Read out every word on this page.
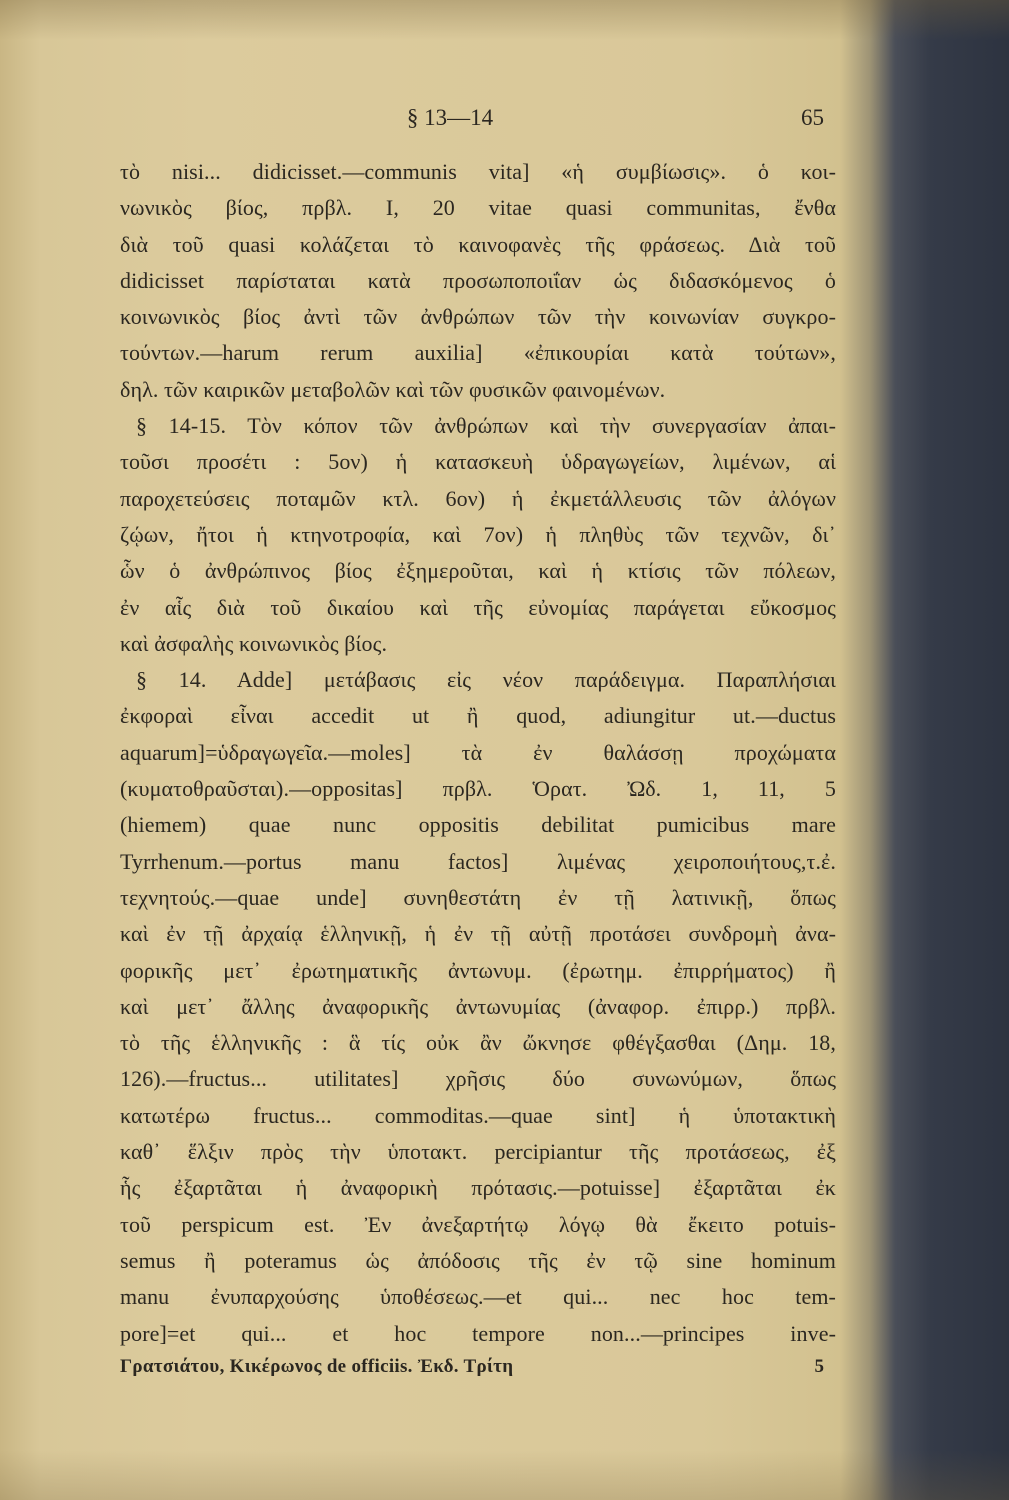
§ 13—14	65
τὸ nisi... didicisset.—communis vita] «ἡ συμβίωσις». ὁ κοι-
νωνικὸς βίος, πρβλ. I, 20 vitae quasi communitas, ἔνθα
διὰ τοῦ quasi κολάζεται τὸ καινοφανὲς τῆς φράσεως. Διὰ τοῦ
didicisset παρίσταται κατὰ προσωποποιΐαν ὡς διδασκόμενος ὁ
κοινωνικὸς βίος ἀντὶ τῶν ἀνθρώπων τῶν τὴν κοινωνίαν συγκρο-
τούντων.—harum rerum auxilia] «ἐπικουρίαι κατὰ τούτων»,
δηλ. τῶν καιρικῶν μεταβολῶν καὶ τῶν φυσικῶν φαινομένων.
§ 14-15. Τὸν κόπον τῶν ἀνθρώπων καὶ τὴν συνεργασίαν ἀπαι-
τοῦσι προσέτι : 5ον) ἡ κατασκευὴ ὑδραγωγείων, λιμένων, αἱ
παροχετεύσεις ποταμῶν κτλ. 6ον) ἡ ἐκμετάλλευσις τῶν ἀλόγων
ζῴων, ἤτοι ἡ κτηνοτροφία, καὶ 7ον) ἡ πληθὺς τῶν τεχνῶν, δι᾿
ὧν ὁ ἀνθρώπινος βίος ἐξημεροῦται, καὶ ἡ κτίσις τῶν πόλεων,
ἐν αἷς διὰ τοῦ δικαίου καὶ τῆς εὐνομίας παράγεται εὔκοσμος
καὶ ἀσφαλὴς κοινωνικὸς βίος.
§ 14. Adde] μετάβασις εἰς νέον παράδειγμα. Παραπλήσιαι
ἐκφοραὶ εἶναι accedit ut ἢ quod, adiungitur ut.—ductus
aquarum]=ὑδραγωγεῖα.—moles] τὰ ἐν θαλάσσῃ προχώματα
(κυματοθραῦσται).—oppositas] πρβλ. Ὁρατ. Ὠδ. 1, 11, 5
(hiemem) quae nunc oppositis debilitat pumicibus mare
Tyrrhenum.—portus manu factos] λιμένας χειροποιήτους,τ.ἐ.
τεχνητούς.—quae unde] συνηθεστάτη ἐν τῇ λατινικῇ, ὅπως
καὶ ἐν τῇ ἀρχαίᾳ ἑλληνικῇ, ἡ ἐν τῇ αὐτῇ προτάσει συνδρομὴ ἀνα-
φορικῆς μετ᾿ ἐρωτηματικῆς ἀντωνυμ. (ἐρωτημ. ἐπιρρήματος) ἢ
καὶ μετ᾿ ἄλλης ἀναφορικῆς ἀντωνυμίας (ἀναφορ. ἐπιρρ.) πρβλ.
τὸ τῆς ἑλληνικῆς : ἃ τίς οὐκ ἂν ὤκνησε φθέγξασθαι (Δημ. 18,
126).—fructus... utilitates] χρῆσις δύο συνωνύμων, ὅπως
κατωτέρω fructus... commoditas.—quae sint] ἡ ὑποτακτικὴ
καθ᾿ ἕλξιν πρὸς τὴν ὑποτακτ. percipiantur τῆς προτάσεως, ἐξ
ἧς ἐξαρτᾶται ἡ ἀναφορικὴ πρότασις.—potuisse] ἐξαρτᾶται ἐκ
τοῦ perspicum est. Ἐν ἀνεξαρτήτῳ λόγῳ θὰ ἔκειτο potuis-
semus ἢ poteramus ὡς ἀπόδοσις τῆς ἐν τῷ sine hominum
manu ἐνυπαρχούσης ὑποθέσεως.—et qui... nec hoc tem-
pore]=et qui... et hoc tempore non...—principes inve-
Γρατσιάτου, Κικέρωνος de officiis. Ἐκδ. Τρίτη	5
